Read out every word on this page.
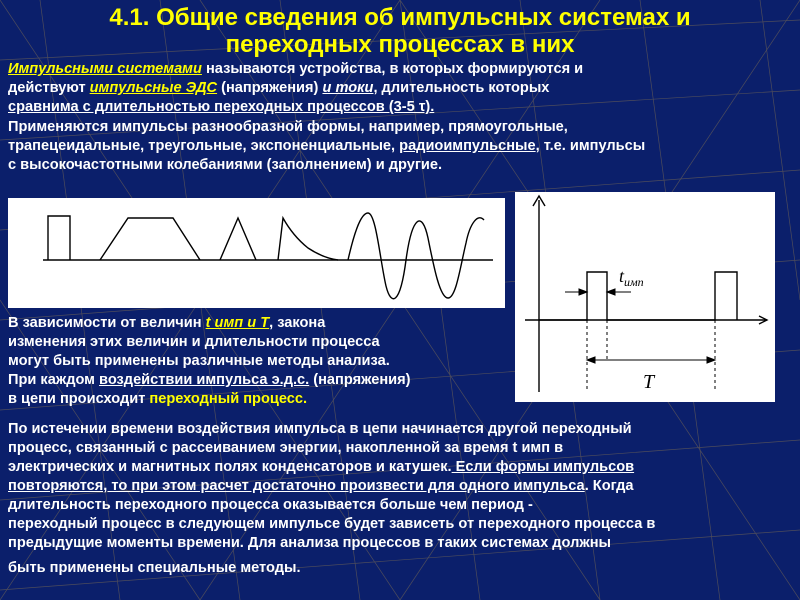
4.1. Общие сведения об импульсных системах и
переходных процессах в них
Импульсными системами называются устройства, в которых формируются и
действуют импульсные ЭДС (напряжения) и токи, длительность которых
сравнима с длительностью переходных процессов (3-5 τ).
Применяются импульсы разнообразной формы, например, прямоугольные,
трапецеидальные, треугольные, экспоненциальные, радиоимпульсные, т.е. импульсы
с высокочастотными колебаниями (заполнением) и другие.
$t_{имп}$
T
В зависимости от величин t имп и T, закона
изменения этих величин и длительности процесса
могут быть применены различные методы анализа.
При каждом воздействии импульса э.д.с. (напряжения)
в цепи происходит переходный процесс.
По истечении времени воздействия импульса в цепи начинается другой переходный
процесс, связанный с рассеиванием энергии, накопленной за время t имп в
электрических и магнитных полях конденсаторов и катушек. Если формы импульсов
повторяются, то при этом расчет достаточно произвести для одного импульса. Когда
длительность переходного процесса оказывается больше чем период -
переходный процесс в следующем импульсе будет зависеть от переходного процесса в
предыдущие моменты времени. Для анализа процессов в таких системах должны
быть применены специальные методы.
